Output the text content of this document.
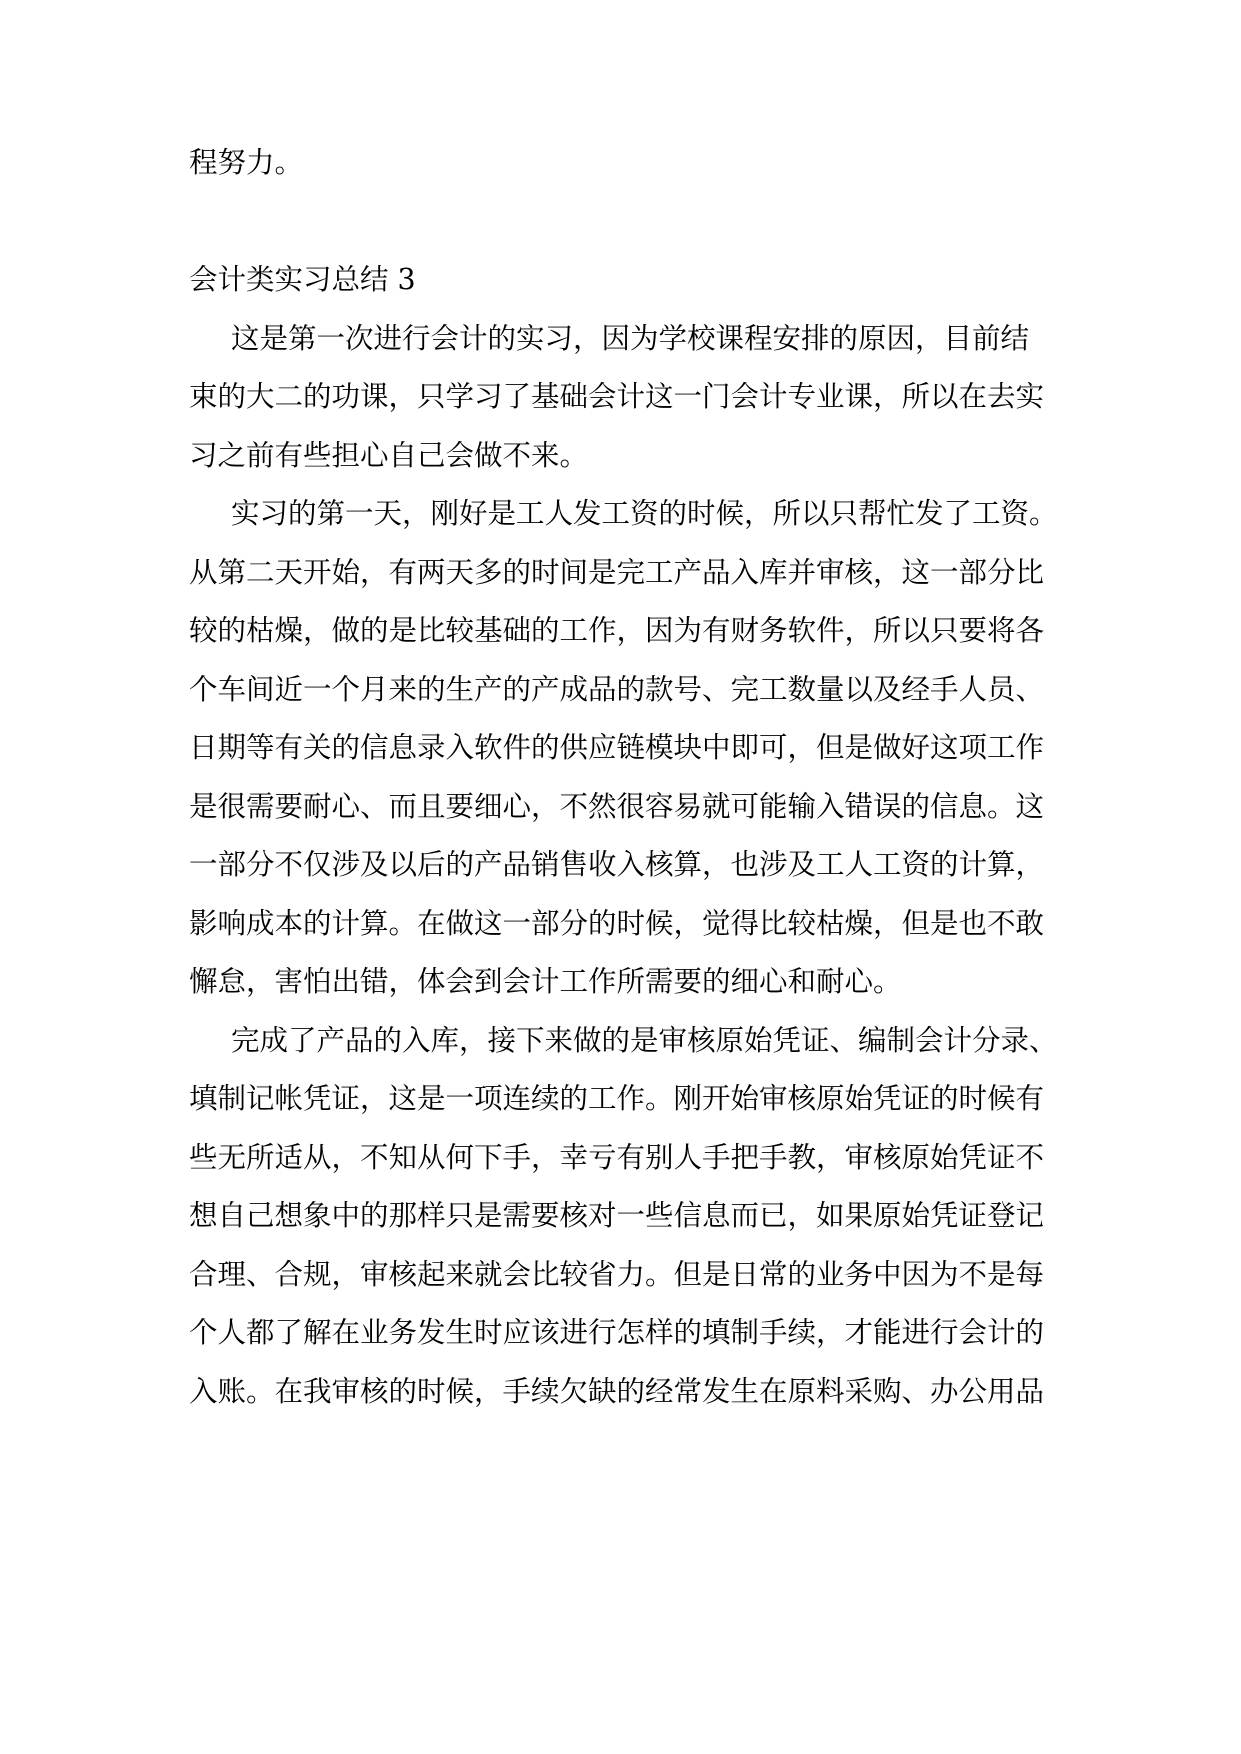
程努力。
会计类实习总结 3
这是第一次进行会计的实习，因为学校课程安排的原因，目前结
束的大二的功课，只学习了基础会计这一门会计专业课，所以在去实
习之前有些担心自己会做不来。
实习的第一天，刚好是工人发工资的时候，所以只帮忙发了工资。
从第二天开始，有两天多的时间是完工产品入库并审核，这一部分比
较的枯燥，做的是比较基础的工作，因为有财务软件，所以只要将各
个车间近一个月来的生产的产成品的款号、完工数量以及经手人员、
日期等有关的信息录入软件的供应链模块中即可，但是做好这项工作
是很需要耐心、而且要细心，不然很容易就可能输入错误的信息。这
一部分不仅涉及以后的产品销售收入核算，也涉及工人工资的计算，
影响成本的计算。在做这一部分的时候，觉得比较枯燥，但是也不敢
懈怠，害怕出错，体会到会计工作所需要的细心和耐心。
完成了产品的入库，接下来做的是审核原始凭证、编制会计分录、
填制记帐凭证，这是一项连续的工作。刚开始审核原始凭证的时候有
些无所适从，不知从何下手，幸亏有别人手把手教，审核原始凭证不
想自己想象中的那样只是需要核对一些信息而已，如果原始凭证登记
合理、合规，审核起来就会比较省力。但是日常的业务中因为不是每
个人都了解在业务发生时应该进行怎样的填制手续，才能进行会计的
入账。在我审核的时候，手续欠缺的经常发生在原料采购、办公用品
